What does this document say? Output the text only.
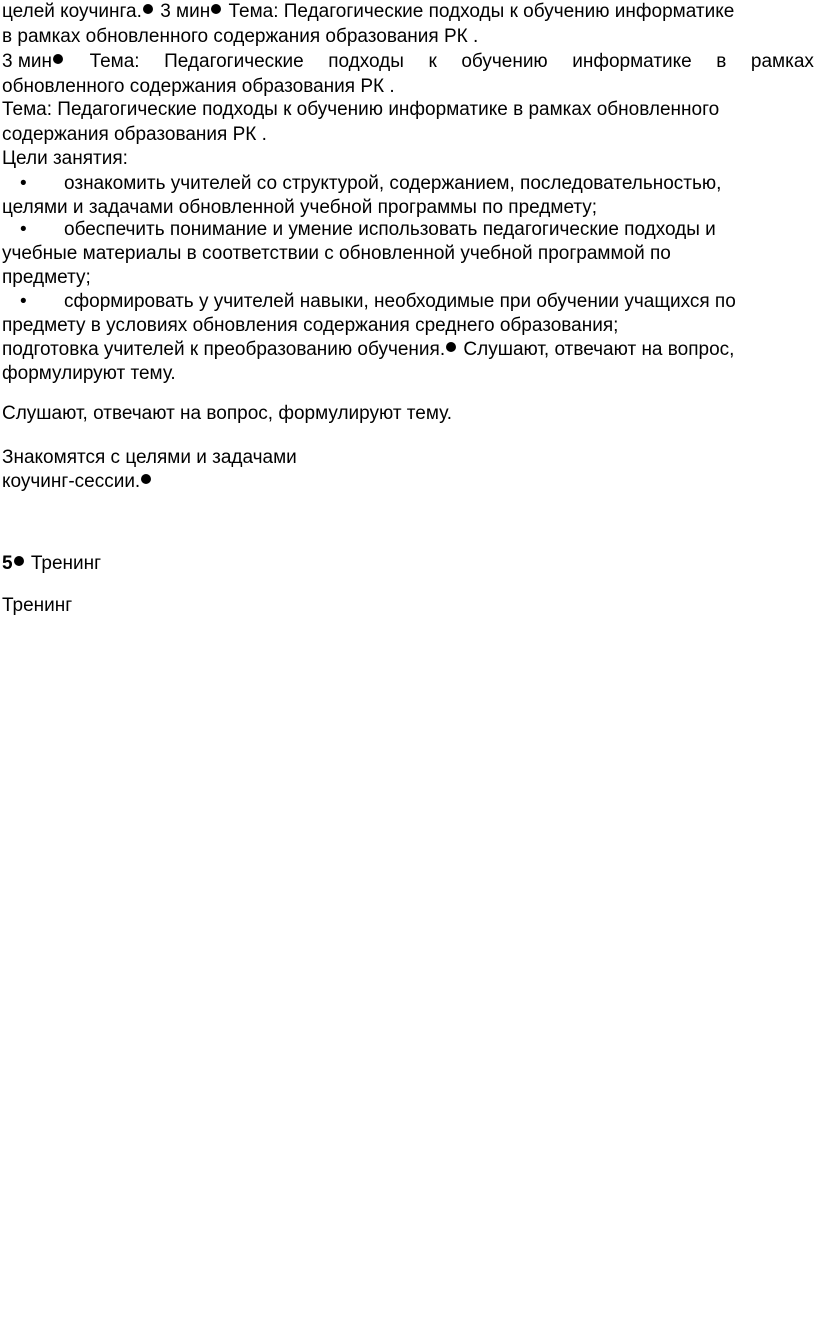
целей коучинга. 3 мин Тема: Педагогические подходы к обучению информатике
в рамках обновленного содержания образования РК .
3 мин	Тема: Педагогические подходы к обучению информатике в рамках
обновленного содержания образования РК .
Тема: Педагогические подходы к обучению информатике в рамках обновленного
содержания образования РК .
Цели занятия:
• ознакомить учителей со структурой, содержанием, последовательностью,
целями и задачами обновленной учебной программы по предмету;
• обеспечить понимание и умение использовать педагогические подходы и
учебные материалы в соответствии с обновленной учебной программой по
предмету;
• сформировать у учителей навыки, необходимые при обучении учащихся по
предмету в условиях обновления содержания среднего образования;
подготовка учителей к преобразованию обучения. Слушают, отвечают на вопрос,
формулируют тему.
Слушают, отвечают на вопрос, формулируют тему.
Знакомятся с целями и задачами
коучинг-сессии.
5 Тренинг
Тренинг
